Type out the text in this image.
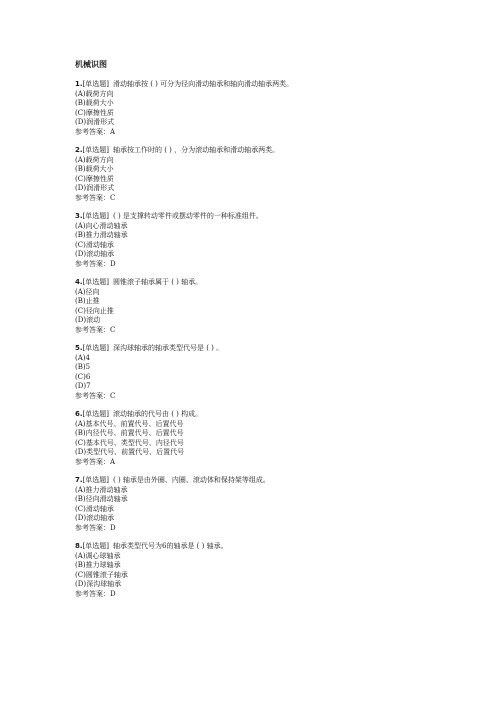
机械识图
1.[单选题] 滑动轴承按 ( ) 可分为径向滑动轴承和轴向滑动轴承两类。
(A)载荷方向
(B)载荷大小
(C)摩擦性质
(D)润滑形式
参考答案：A
2.[单选题] 轴承按工作时的 ( ) ，分为滚动轴承和滑动轴承两类。
(A)载荷方向
(B)载荷大小
(C)摩擦性质
(D)润滑形式
参考答案：C
3.[单选题] ( ) 是支撑转动零件或摆动零件的一种标准组件。
(A)向心滑动轴承
(B)推力滑动轴承
(C)滑动轴承
(D)滚动轴承
参考答案：D
4.[单选题] 圆锥滚子轴承属于 ( ) 轴承。
(A)径向
(B)止推
(C)径向止推
(D)滚动
参考答案：C
5.[单选题] 深沟球轴承的轴承类型代号是 ( ) 。
(A)4
(B)5
(C)6
(D)7
参考答案：C
6.[单选题] 滚动轴承的代号由 ( ) 构成。
(A)基本代号、前置代号、后置代号
(B)内径代号、前置代号、后置代号
(C)基本代号、类型代号、内径代号
(D)类型代号、前置代号、后置代号
参考答案：A
7.[单选题] ( ) 轴承是由外圈、内圈、滚动体和保持架等组成。
(A)推力滑动轴承
(B)径向滑动轴承
(C)滑动轴承
(D)滚动轴承
参考答案：D
8.[单选题] 轴承类型代号为6的轴承是 ( ) 轴承。
(A)调心球轴承
(B)推力球轴承
(C)圆锥滚子轴承
(D)深沟球轴承
参考答案：D
